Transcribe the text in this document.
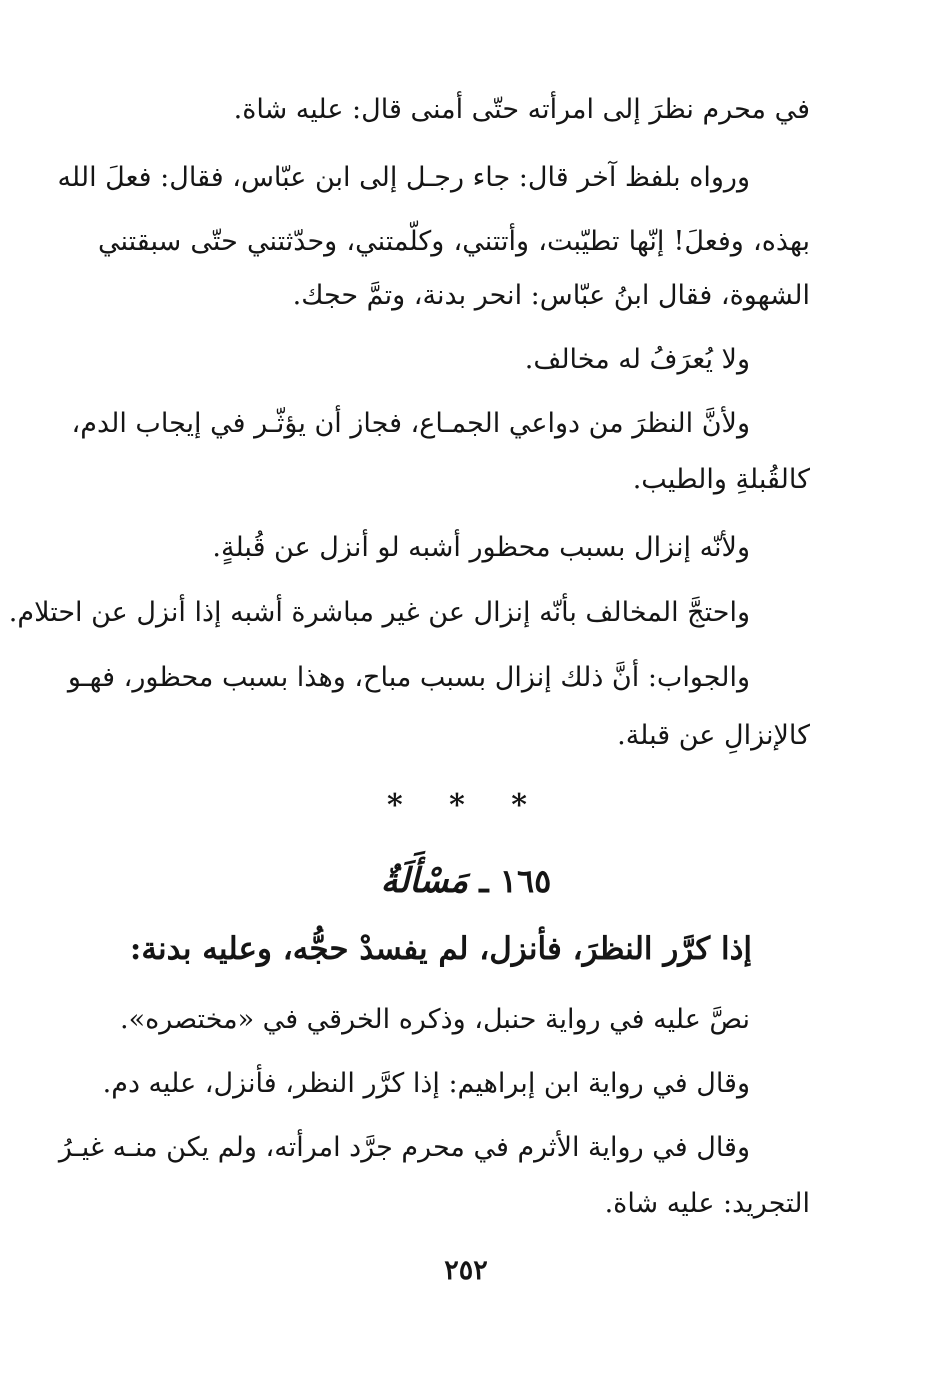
في محرم نظرَ إلى امرأته حتّى أمنى قال: عليه شاة.
ورواه بلفظ آخر قال: جاء رجـل إلى ابن عبّاس، فقال: فعلَ الله
بهذه، وفعلَ! إنّها تطيّبت، وأتتني، وكلّمتني، وحدّثتني حتّى سبقتني
الشهوة، فقال ابنُ عبّاس: انحر بدنة، وتمَّ حجك.
ولا يُعرَفُ له مخالف.
ولأنَّ النظرَ من دواعي الجمـاع، فجاز أن يؤثّـر في إيجاب الدم،
كالقُبلةِ والطيب.
ولأنّه إنزال بسبب محظور أشبه لو أنزل عن قُبلةٍ.
واحتجَّ المخالف بأنّه إنزال عن غير مباشرة أشبه إذا أنزل عن احتلام.
والجواب: أنَّ ذلك إنزال بسبب مباح، وهذا بسبب محظور، فهـو
كالإنزالِ عن قبلة.
* * *
١٦٥ ـ مَسْأَلَةٌ
إذا كرَّر النظرَ، فأنزل، لم يفسدْ حجُّه، وعليه بدنة:
نصَّ عليه في رواية حنبل، وذكره الخرقي في «مختصره».
وقال في رواية ابن إبراهيم: إذا كرَّر النظر، فأنزل، عليه دم.
وقال في رواية الأثرم في محرم جرَّد امرأته، ولم يكن منـه غيـرُ
التجريد: عليه شاة.
٢٥٢
